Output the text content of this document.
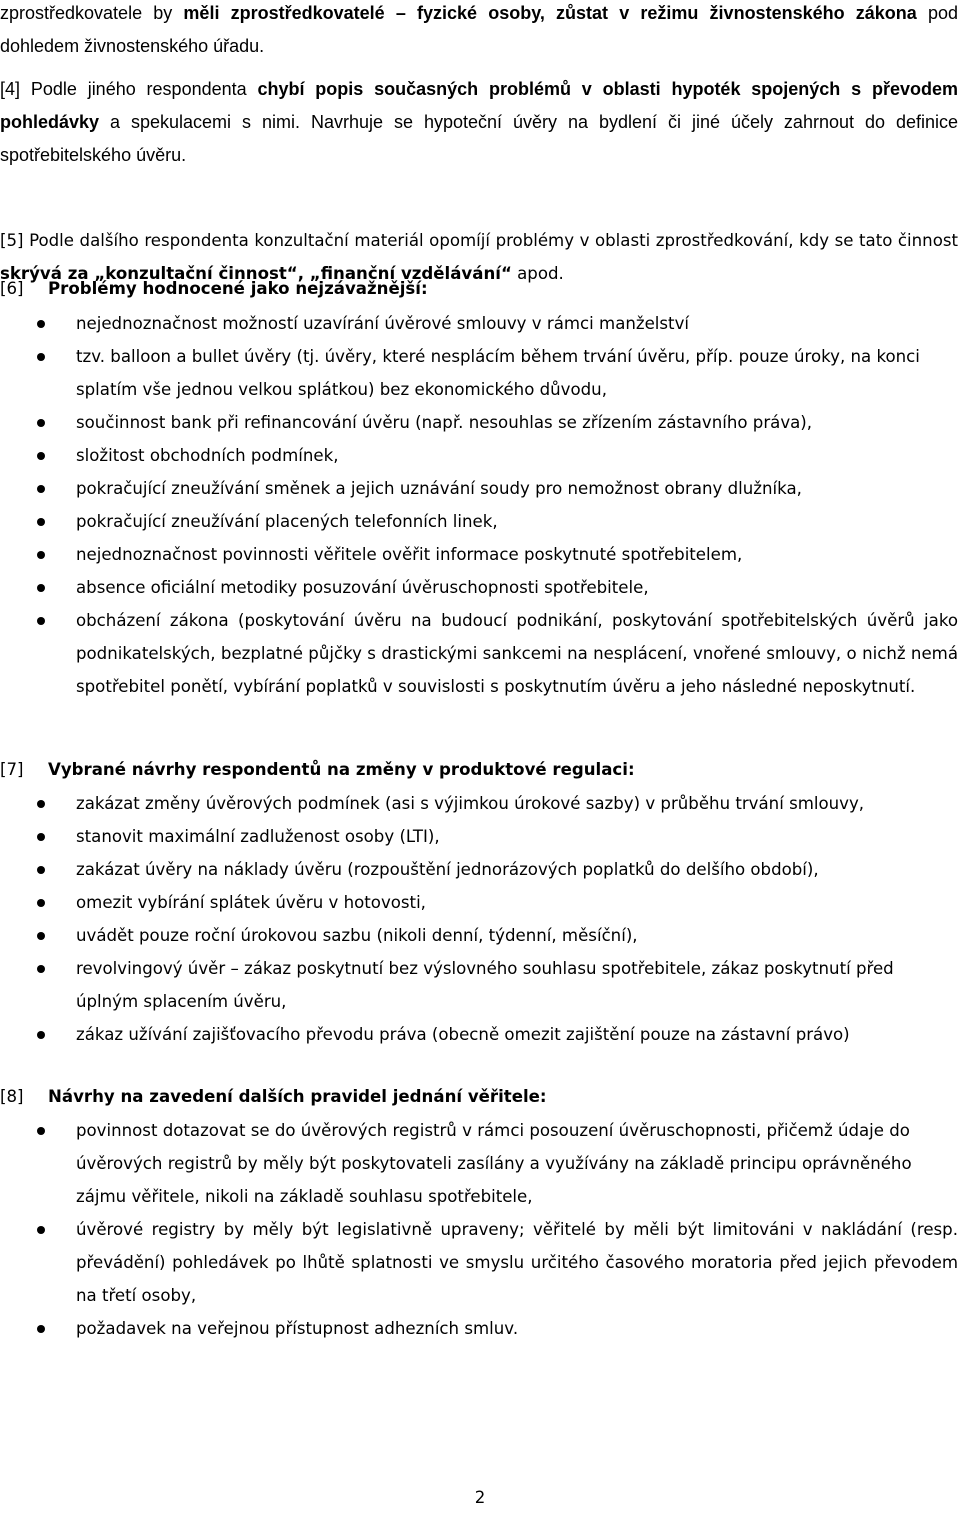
zprostředkovatele by měli zprostředkovatelé – fyzické osoby, zůstat v režimu živnostenského zákona pod dohledem živnostenského úřadu.

[4] Podle jiného respondenta chybí popis současných problémů v oblasti hypoték spojených s převodem pohledávky a spekulacemi s nimi. Navrhuje se hypoteční úvěry na bydlení či jiné účely zahrnout do definice spotřebitelského úvěru.

[5] Podle dalšího respondenta konzultační materiál opomíjí problémy v oblasti zprostředkování, kdy se tato činnost skrývá za „konzultační činnost“, „finanční vzdělávání“ apod.

[6] Problémy hodnocené jako nejzávažnější:
nejednoznačnost možností uzavírání úvěrové smlouvy v rámci manželství
tzv. balloon a bullet úvěry (tj. úvěry, které nesplácím během trvání úvěru, příp. pouze úroky, na konci splatím vše jednou velkou splátkou) bez ekonomického důvodu,
součinnost bank při refinancování úvěru (např. nesouhlas se zřízením zástavního práva),
složitost obchodních podmínek,
pokračující zneužívání směnek a jejich uznávání soudy pro nemožnost obrany dlužníka,
pokračující zneužívání placených telefonních linek,
nejednoznačnost povinnosti věřitele ověřit informace poskytnuté spotřebitelem,
absence oficiální metodiky posuzování úvěruschopnosti spotřebitele,
obcházení zákona (poskytování úvěru na budoucí podnikání, poskytování spotřebitelských úvěrů jako podnikatelských, bezplatné půjčky s drastickými sankcemi na nesplácení, vnořené smlouvy, o nichž nemá spotřebitel ponětí, vybírání poplatků v souvislosti s poskytnutím úvěru a jeho následné neposkytnutí.
[7] Vybrané návrhy respondentů na změny v produktové regulaci:
zakázat změny úvěrových podmínek (asi s výjimkou úrokové sazby) v průběhu trvání smlouvy,
stanovit maximální zadluženost osoby (LTI),
zakázat úvěry na náklady úvěru (rozpouštění jednorázových poplatků do delšího období),
omezit vybírání splátek úvěru v hotovosti,
uvádět pouze roční úrokovou sazbu (nikoli denní, týdenní, měsíční),
revolvingový úvěr – zákaz poskytnutí bez výslovného souhlasu spotřebitele, zákaz poskytnutí před úplným splacením úvěru,
zákaz užívání zajišťovacího převodu práva (obecně omezit zajištění pouze na zástavní právo)
[8] Návrhy na zavedení dalších pravidel jednání věřitele:
povinnost dotazovat se do úvěrových registrů v rámci posouzení úvěruschopnosti, přičemž údaje do úvěrových registrů by měly být poskytovateli zasílány a využívány na základě principu oprávněného zájmu věřitele, nikoli na základě souhlasu spotřebitele,
úvěrové registry by měly být legislativně upraveny; věřitelé by měli být limitováni v nakládání (resp. převádění) pohledávek po lhůtě splatnosti ve smyslu určitého časového moratoria před jejich převodem na třetí osoby,
požadavek na veřejnou přístupnost adhezních smluv.
2
